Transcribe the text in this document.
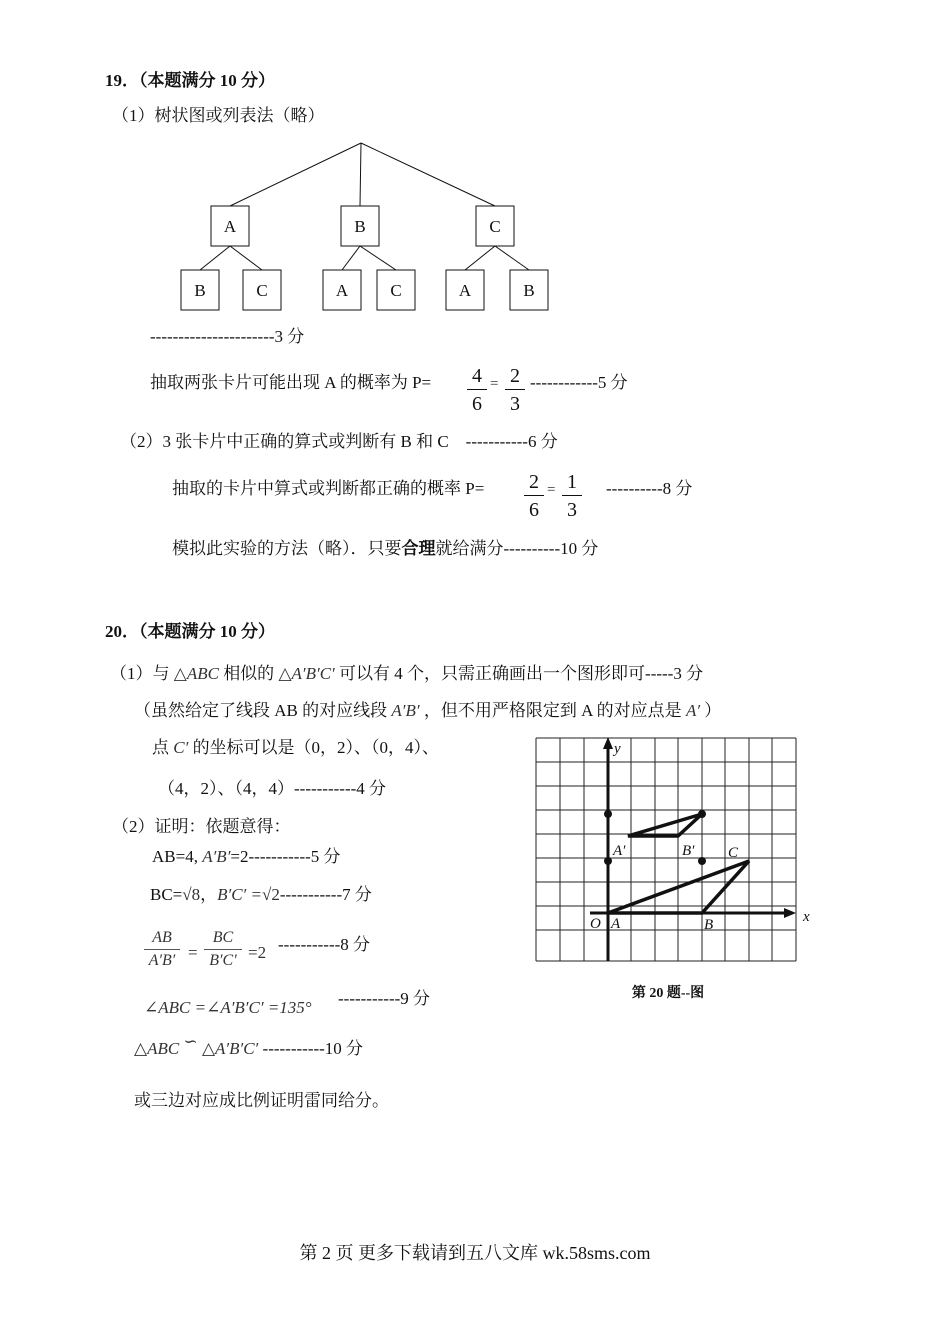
19．（本题满分 10 分）
（1）树状图或列表法（略）
A	B	C
B	C	A C	A	B
----------------------3 分
抽取两张卡片可能出现 A 的概率为 P= 4
6
= 2
3
------------5 分
（2）3 张卡片中正确的算式或判断有 B 和 C　-----------6 分
抽取的卡片中算式或判断都正确的概率 P= 2
6
= 1
3
----------8 分
模拟此实验的方法（略）．只要合理就给满分----------10 分
20．（本题满分 10 分）
（1）与 △ABC 相似的 △A′B′C′ 可以有 4 个，只需正确画出一个图形即可-----3 分
（虽然给定了线段 AB 的对应线段 A′B′ ，但不用严格限定到 A 的对应点是 A′ ）
点 C′ 的坐标可以是（0，2）、（0，4）、
（4，2）、（4，4）-----------4 分
（2）证明：依题意得：
AB=4, A′B′=2-----------5 分
BC=√8，B′C′ =√2-----------7 分
AB
A′B′ =
BC
B′C′ =2 -----------8 分
∠ABC =∠A′B′C′ =135° -----------9 分
△ABC ∽ △A′B′C′ -----------10 分
或三边对应成比例证明雷同给分。
y
x
O A	B
C
A′	B′
第 20 题--图
第 2 页 更多下载请到五八文库 wk.58sms.com
